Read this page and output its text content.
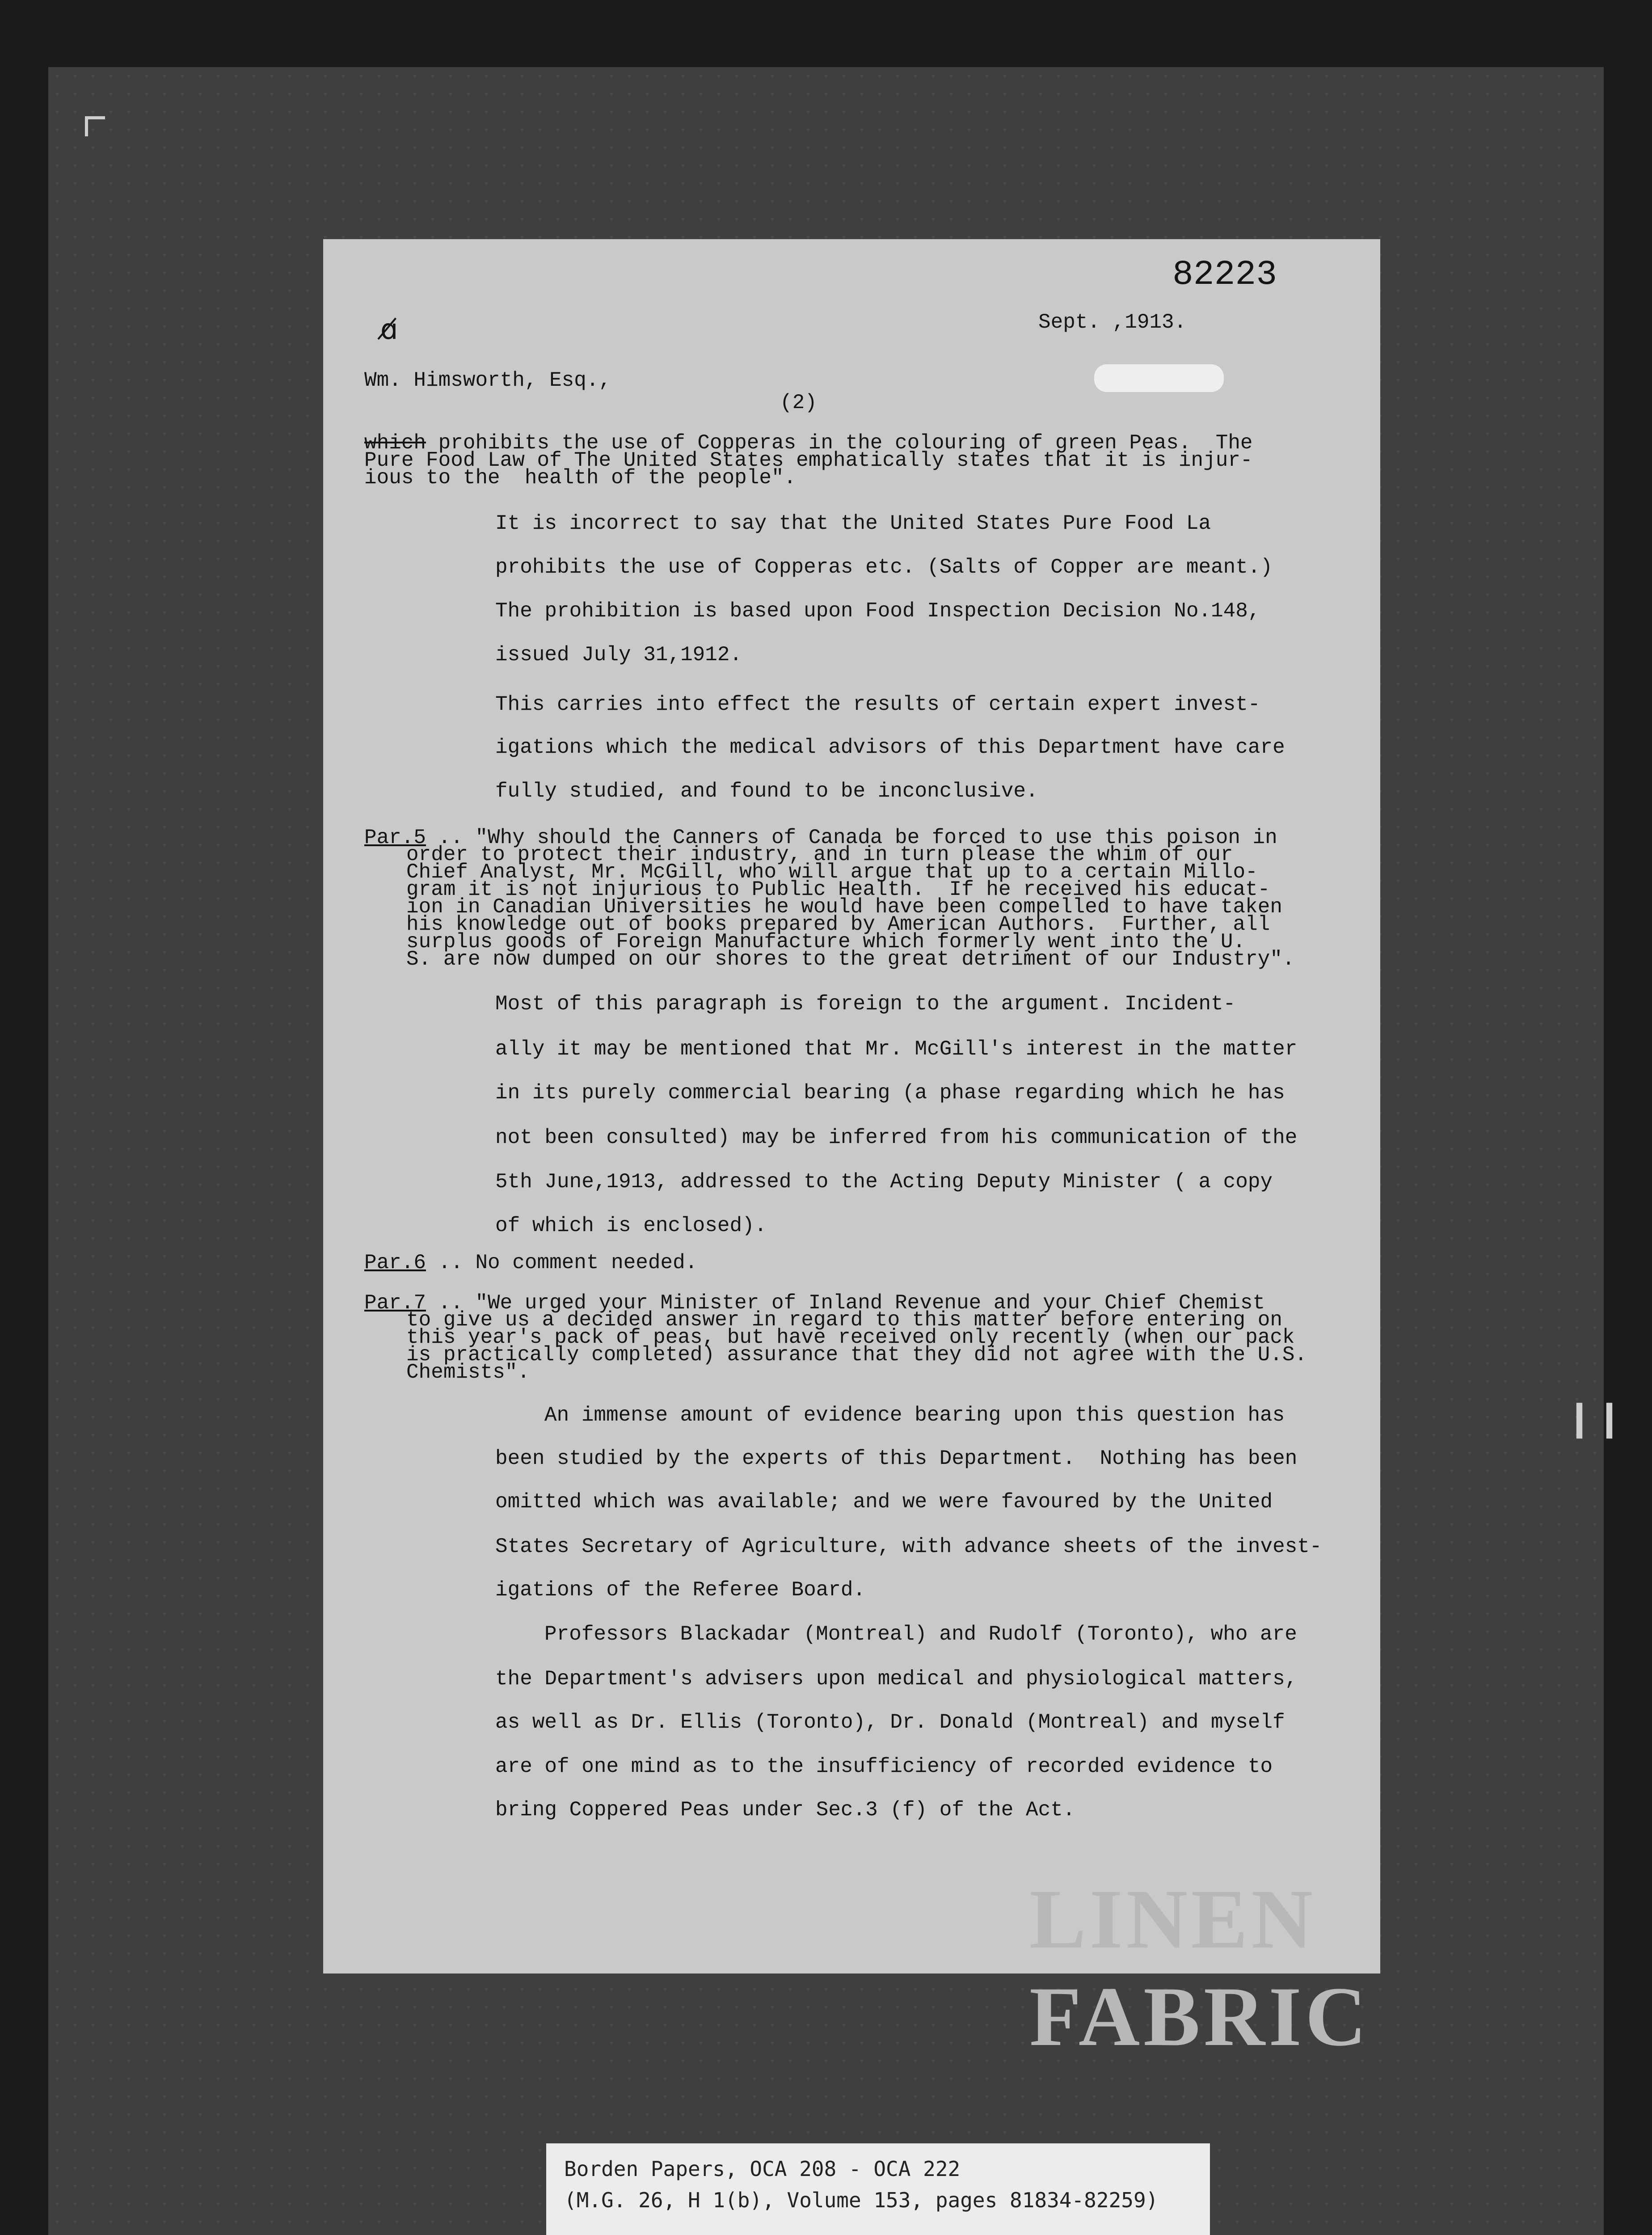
❙❙
82223
Sept. ,1913.
ɑ̸
Wm. Himsworth, Esq.,
(2)
which prohibits the use of Copperas in the colouring of green Peas.  The
Pure Food Law of The United States emphatically states that it is injur-
ious to the  health of the people".
It is incorrect to say that the United States Pure Food La
prohibits the use of Copperas etc. (Salts of Copper are meant.)
The prohibition is based upon Food Inspection Decision No.148,
issued July 31,1912.
This carries into effect the results of certain expert invest-
igations which the medical advisors of this Department have care
fully studied, and found to be inconclusive.
Par.5 .. "Why should the Canners of Canada be forced to use this poison in
order to protect their industry, and in turn please the whim of our
Chief Analyst, Mr. McGill, who will argue that up to a certain Millo-
gram it is not injurious to Public Health.  If he received his educat-
ion in Canadian Universities he would have been compelled to have taken
his knowledge out of books prepared by American Authors.  Further, all
surplus goods of Foreign Manufacture which formerly went into the U.
S. are now dumped on our shores to the great detriment of our Industry".
Most of this paragraph is foreign to the argument. Incident-
ally it may be mentioned that Mr. McGill's interest in the matter
in its purely commercial bearing (a phase regarding which he has
not been consulted) may be inferred from his communication of the
5th June,1913, addressed to the Acting Deputy Minister ( a copy
of which is enclosed).
Par.6 .. No comment needed.
Par.7 .. "We urged your Minister of Inland Revenue and your Chief Chemist
to give us a decided answer in regard to this matter before entering on
this year's pack of peas, but have received only recently (when our pack
is practically completed) assurance that they did not agree with the U.S.
Chemists".
An immense amount of evidence bearing upon this question has
been studied by the experts of this Department.  Nothing has been
omitted which was available; and we were favoured by the United
States Secretary of Agriculture, with advance sheets of the invest-
igations of the Referee Board.
Professors Blackadar (Montreal) and Rudolf (Toronto), who are
the Department's advisers upon medical and physiological matters,
as well as Dr. Ellis (Toronto), Dr. Donald (Montreal) and myself
are of one mind as to the insufficiency of recorded evidence to
bring Coppered Peas under Sec.3 (f) of the Act.
LINEN FABRIC
Borden Papers, OCA 208 - OCA 222
(M.G. 26, H 1(b), Volume 153, pages 81834-82259)
